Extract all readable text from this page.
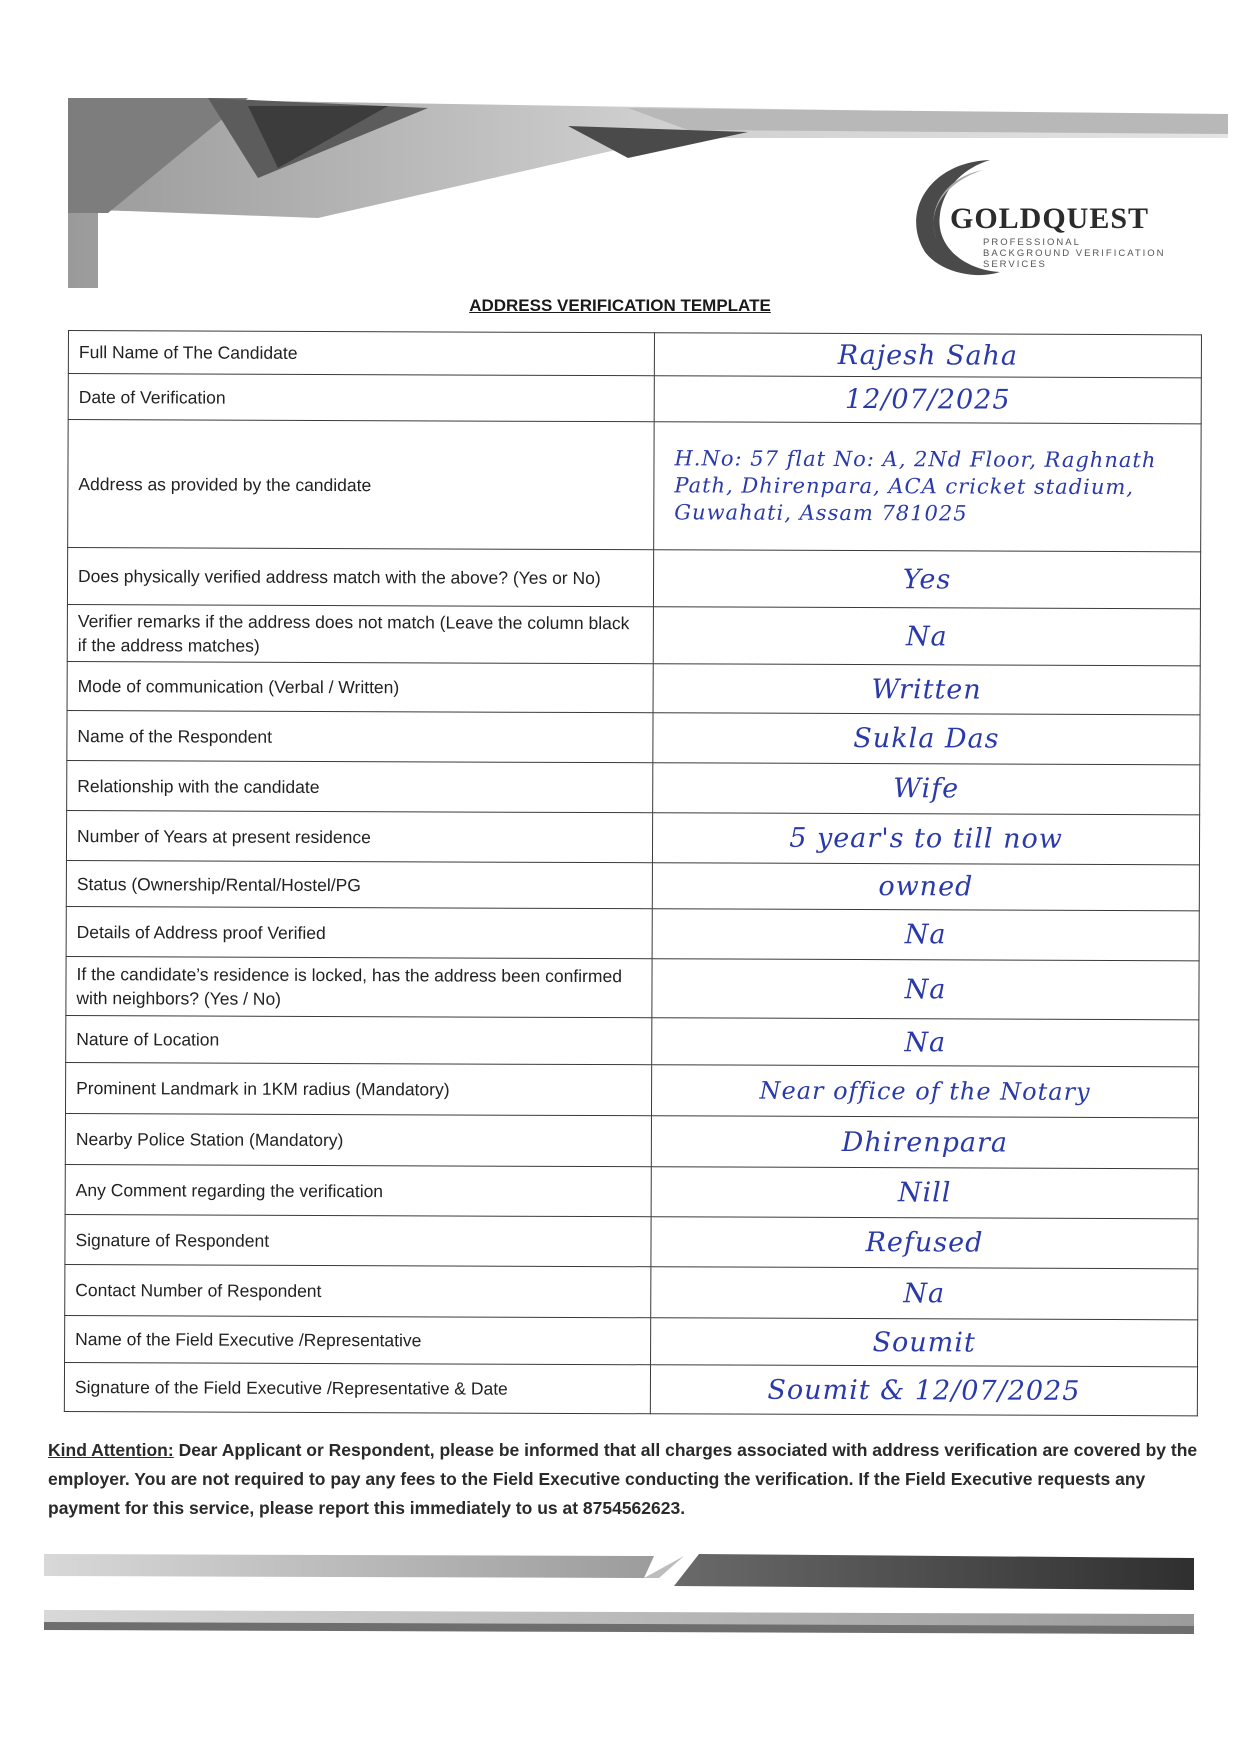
GOLDQUEST
PROFESSIONAL BACKGROUND VERIFICATION SERVICES
ADDRESS VERIFICATION TEMPLATE
Full Name of The Candidate	Rajesh Saha
Date of Verification	12/07/2025
Address as provided by the candidate	H.No: 57 flat No: A, 2Nd Floor, Raghnath Path, Dhirenpara, ACA cricket stadium, Guwahati, Assam 781025
Does physically verified address match with the above? (Yes or No)	Yes
Verifier remarks if the address does not match (Leave the column black if the address matches)	Na
Mode of communication (Verbal / Written)	Written
Name of the Respondent	Sukla Das
Relationship with the candidate	Wife
Number of Years at present residence	5 year's to till now
Status (Ownership/Rental/Hostel/PG	owned
Details of Address proof Verified	Na
If the candidate’s residence is locked, has the address been confirmed with neighbors? (Yes / No)	Na
Nature of Location	Na
Prominent Landmark in 1KM radius (Mandatory)	Near office of the Notary
Nearby Police Station (Mandatory)	Dhirenpara
Any Comment regarding the verification	Nill
Signature of Respondent	Refused
Contact Number of Respondent	Na
Name of the Field Executive /Representative	Soumit
Signature of the Field Executive /Representative & Date	Soumit & 12/07/2025
Kind Attention: Dear Applicant or Respondent, please be informed that all charges associated with address verification are covered by the employer. You are not required to pay any fees to the Field Executive conducting the verification. If the Field Executive requests any payment for this service, please report this immediately to us at 8754562623.
